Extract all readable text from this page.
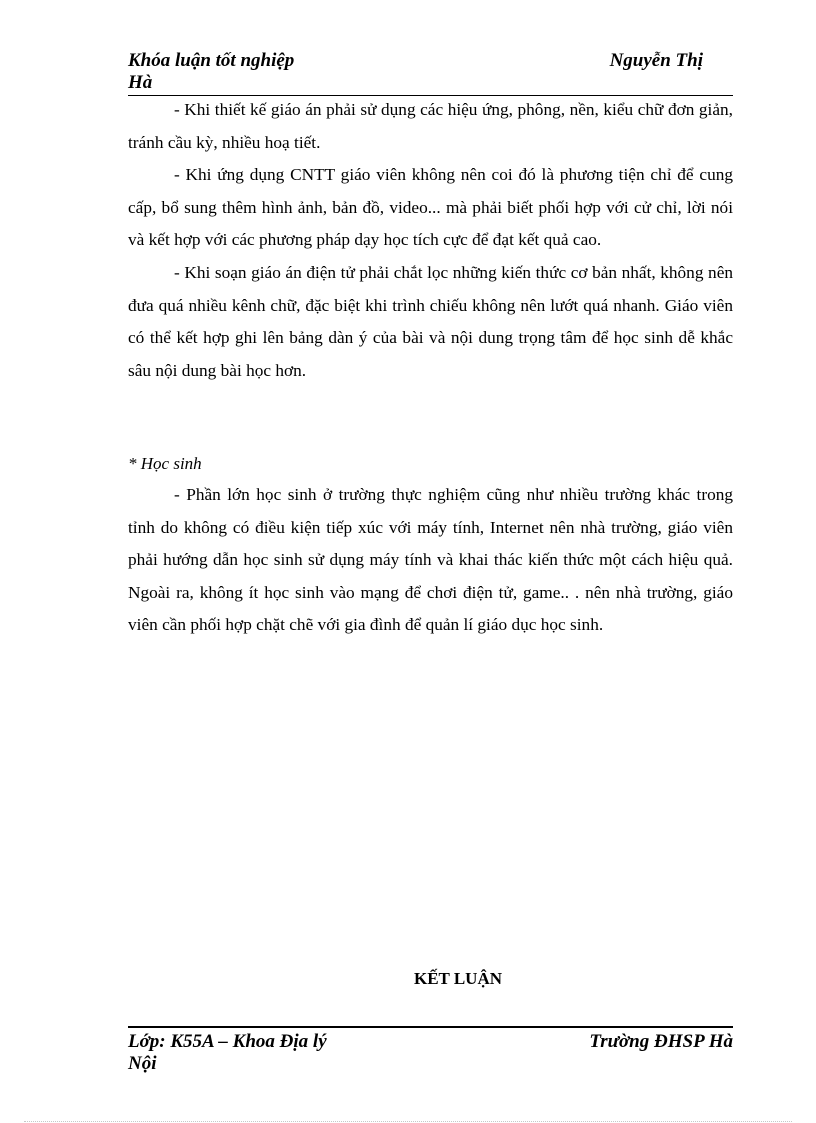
Khóa luận tốt nghiệp	Nguyễn Thị
Hà

- Khi thiết kế giáo án phải sử dụng các hiệu ứng, phông, nền, kiểu chữ đơn giản, tránh cầu kỳ, nhiều hoạ tiết.

- Khi ứng dụng CNTT giáo viên không nên coi đó là phương tiện chỉ để cung cấp, bổ sung thêm hình ảnh, bản đồ, video... mà phải biết phối hợp với cử chỉ, lời nói và kết hợp với các phương pháp dạy học tích cực để đạt kết quả cao.

- Khi soạn giáo án điện tử phải chắt lọc những kiến thức cơ bản nhất, không nên đưa quá nhiều kênh chữ, đặc biệt khi trình chiếu không nên lướt quá nhanh. Giáo viên có thể kết hợp ghi lên bảng dàn ý của bài và nội dung trọng tâm để học sinh dễ khắc sâu nội dung bài học hơn.

* Học sinh

- Phần lớn học sinh ở trường thực nghiệm cũng như nhiều trường khác trong tỉnh do không có điều kiện tiếp xúc với máy tính, Internet nên nhà trường, giáo viên phải hướng dẫn học sinh sử dụng máy tính và khai thác kiến thức một cách hiệu quả. Ngoài ra, không ít học sinh vào mạng để chơi điện tử, game.. . nên nhà trường, giáo viên cần phối hợp chặt chẽ với gia đình để quản lí giáo dục học sinh.

KẾT LUẬN
Lớp: K55A – Khoa Địa lý	Trường ĐHSP Hà
Nội
